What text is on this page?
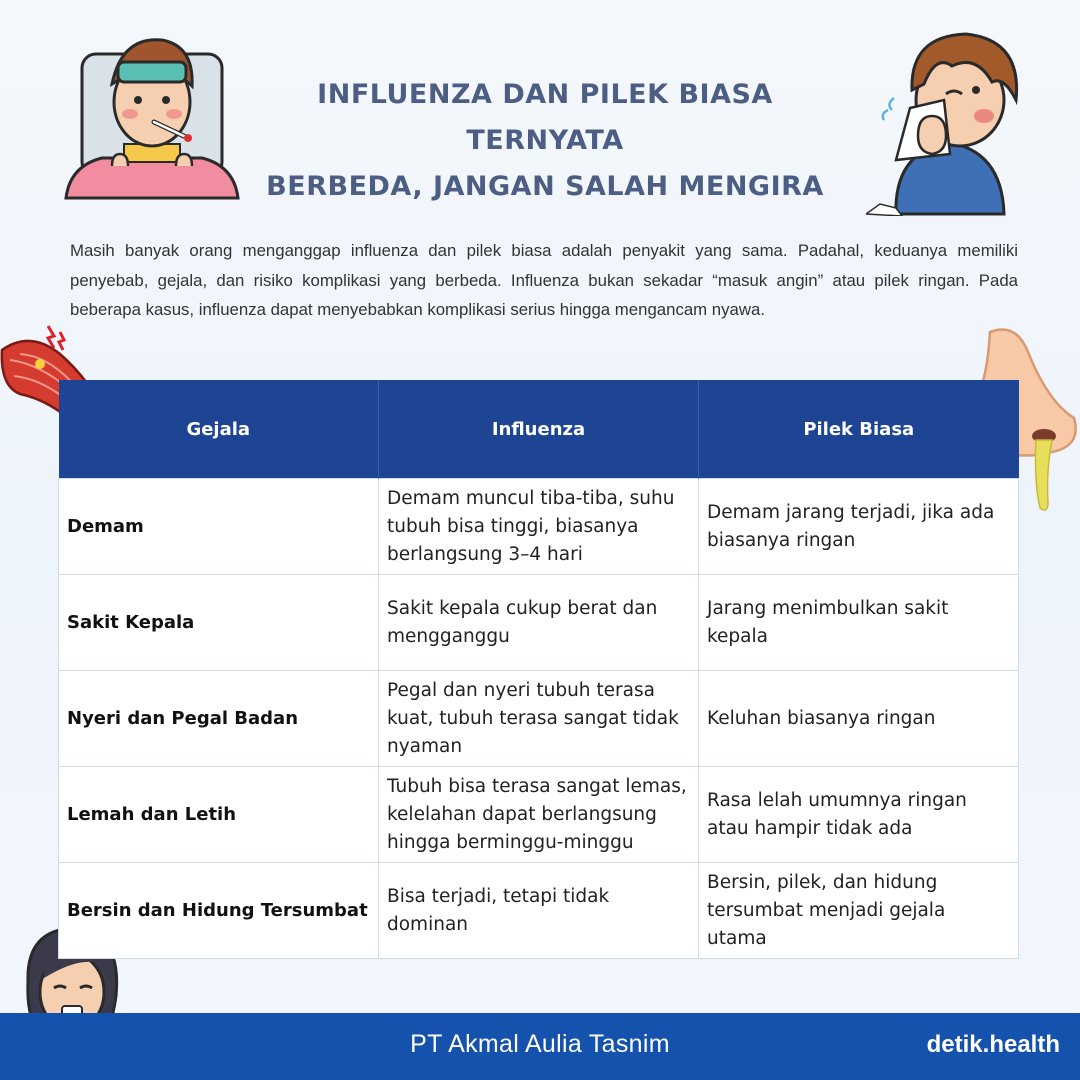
INFLUENZA DAN PILEK BIASA TERNYATA
BERBEDA, JANGAN SALAH MENGIRA
Masih banyak orang menganggap influenza dan pilek biasa adalah penyakit yang sama. Padahal, keduanya memiliki penyebab, gejala, dan risiko komplikasi yang berbeda. Influenza bukan sekadar “masuk angin” atau pilek ringan. Pada beberapa kasus, influenza dapat menyebabkan komplikasi serius hingga mengancam nyawa.
Gejala	Influenza	Pilek Biasa
Demam	Demam muncul tiba-tiba, suhu tubuh bisa tinggi, biasanya berlangsung 3–4 hari	Demam jarang terjadi, jika ada biasanya ringan
Sakit Kepala	Sakit kepala cukup berat dan mengganggu	Jarang menimbulkan sakit kepala
Nyeri dan Pegal Badan	Pegal dan nyeri tubuh terasa kuat, tubuh terasa sangat tidak nyaman	Keluhan biasanya ringan
Lemah dan Letih	Tubuh bisa terasa sangat lemas, kelelahan dapat berlangsung hingga berminggu-minggu	Rasa lelah umumnya ringan atau hampir tidak ada
Bersin dan Hidung Tersumbat	Bisa terjadi, tetapi tidak dominan	Bersin, pilek, dan hidung tersumbat menjadi gejala utama
PT Akmal Aulia Tasnim	detik.health
